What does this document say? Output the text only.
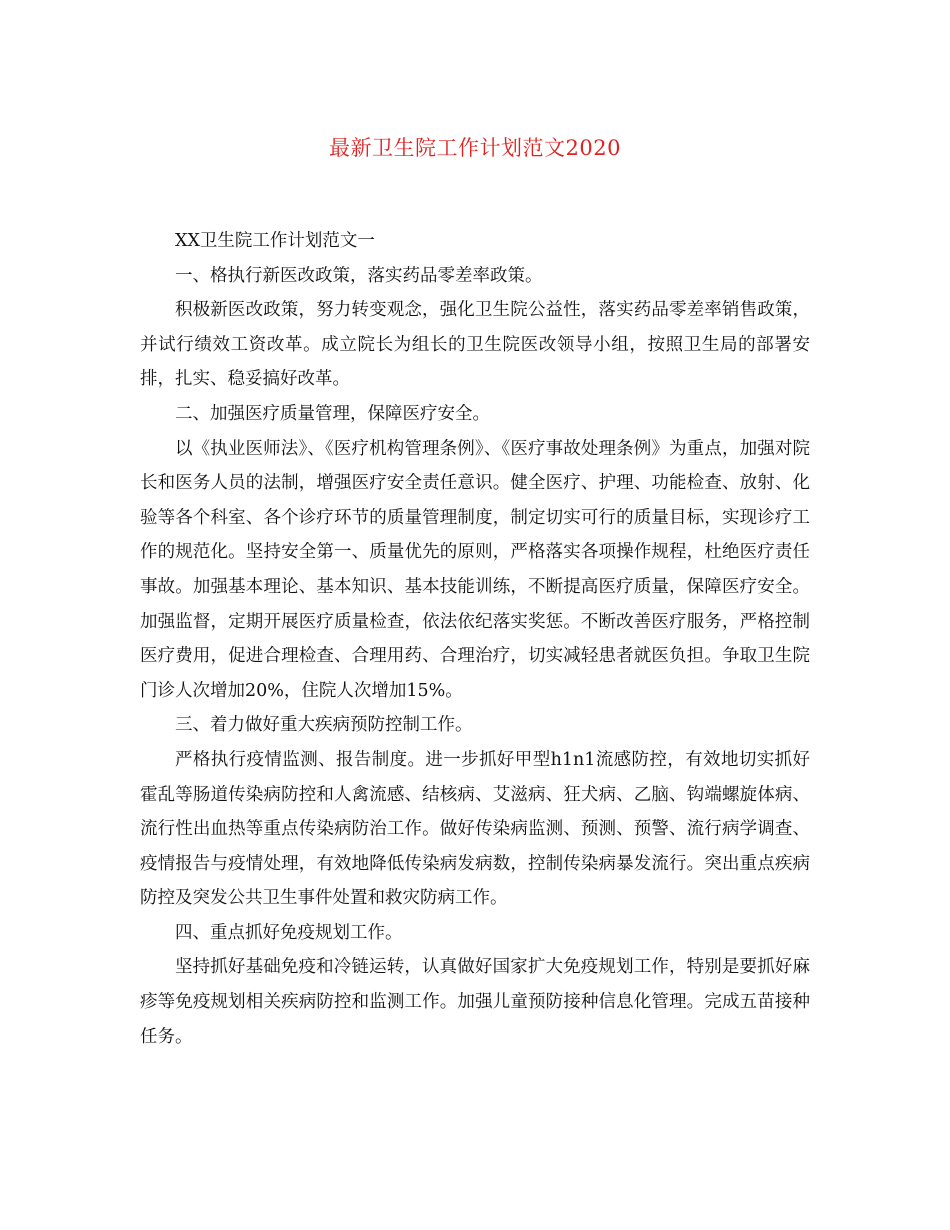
最新卫生院工作计划范文2020

XX卫生院工作计划范文一

一、格执行新医改政策，落实药品零差率政策。

积极新医改政策，努力转变观念，强化卫生院公益性，落实药品零差率销售政策，并试行绩效工资改革。成立院长为组长的卫生院医改领导小组，按照卫生局的部署安排，扎实、稳妥搞好改革。

二、加强医疗质量管理，保障医疗安全。

以《执业医师法》、《医疗机构管理条例》、《医疗事故处理条例》为重点，加强对院长和医务人员的法制，增强医疗安全责任意识。健全医疗、护理、功能检查、放射、化验等各个科室、各个诊疗环节的质量管理制度，制定切实可行的质量目标，实现诊疗工作的规范化。坚持安全第一、质量优先的原则，严格落实各项操作规程，杜绝医疗责任事故。加强基本理论、基本知识、基本技能训练，不断提高医疗质量，保障医疗安全。加强监督，定期开展医疗质量检查，依法依纪落实奖惩。不断改善医疗服务，严格控制医疗费用，促进合理检查、合理用药、合理治疗，切实减轻患者就医负担。争取卫生院门诊人次增加20%，住院人次增加15%。

三、着力做好重大疾病预防控制工作。

严格执行疫情监测、报告制度。进一步抓好甲型h1n1流感防控，有效地切实抓好霍乱等肠道传染病防控和人禽流感、结核病、艾滋病、狂犬病、乙脑、钩端螺旋体病、流行性出血热等重点传染病防治工作。做好传染病监测、预测、预警、流行病学调查、疫情报告与疫情处理，有效地降低传染病发病数，控制传染病暴发流行。突出重点疾病防控及突发公共卫生事件处置和救灾防病工作。

四、重点抓好免疫规划工作。

坚持抓好基础免疫和冷链运转，认真做好国家扩大免疫规划工作，特别是要抓好麻疹等免疫规划相关疾病防控和监测工作。加强儿童预防接种信息化管理。完成五苗接种任务。
